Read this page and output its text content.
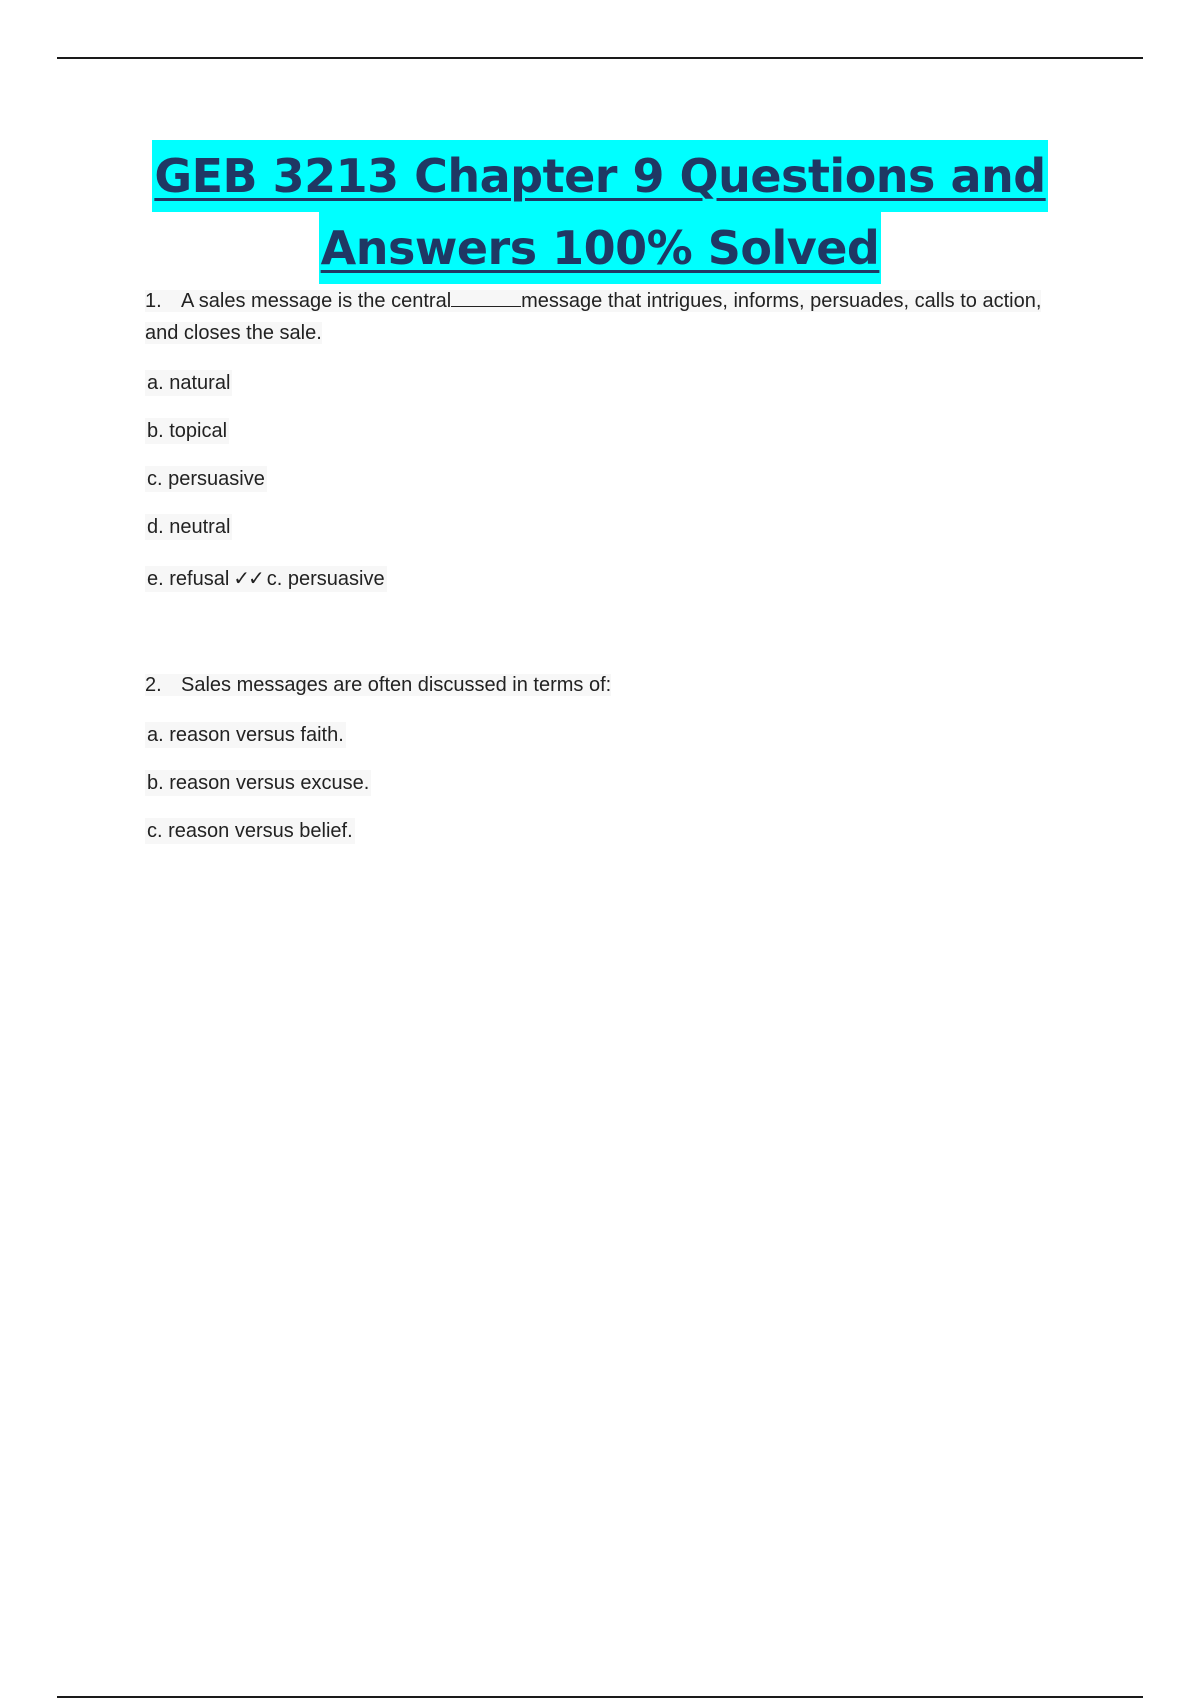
GEB 3213 Chapter 9 Questions and
Answers 100% Solved
1. A sales message is the central	message that intrigues, informs, persuades, calls to action, and closes the sale.
a. natural
b. topical
c. persuasive
d. neutral
e. refusal ✓✓ c. persuasive
2. Sales messages are often discussed in terms of:
a. reason versus faith.
b. reason versus excuse.
c. reason versus belief.
